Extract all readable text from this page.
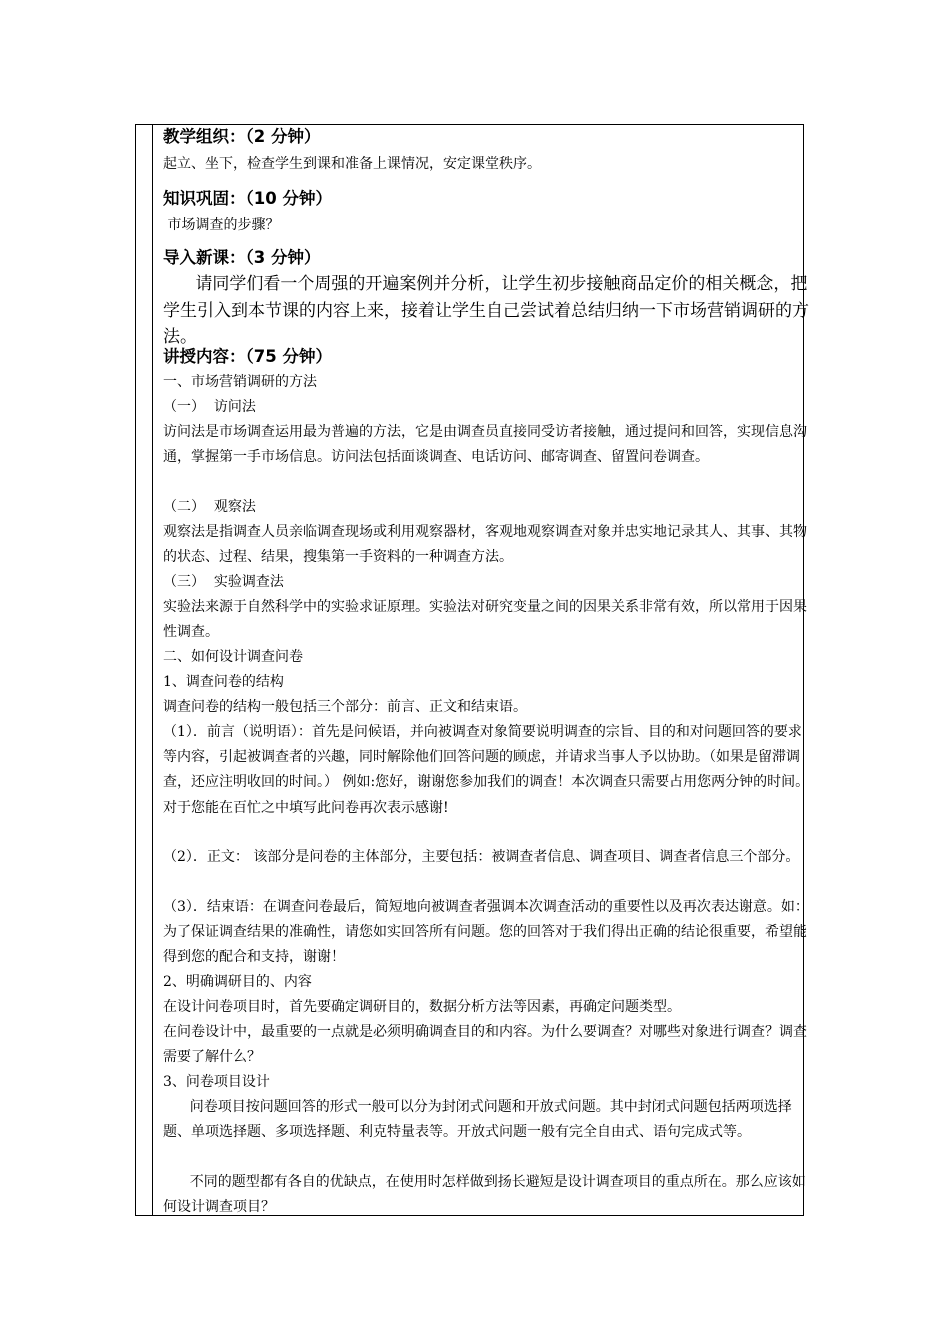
教学组织：（2 分钟）
起立、坐下，检查学生到课和准备上课情况，安定课堂秩序。
知识巩固：（10 分钟）
市场调查的步骤？
导入新课：（3 分钟）
请同学们看一个周强的开遍案例并分析，让学生初步接触商品定价的相关概念，把学生引入到本节课的内容上来，接着让学生自己尝试着总结归纳一下市场营销调研的方法。
讲授内容：（75 分钟）
一、市场营销调研的方法
（一）  访问法
访问法是市场调查运用最为普遍的方法，它是由调查员直接同受访者接触，通过提问和回答，实现信息沟通，掌握第一手市场信息。访问法包括面谈调查、电话访问、邮寄调查、留置问卷调查。
（二）  观察法
观察法是指调查人员亲临调查现场或利用观察器材，客观地观察调查对象并忠实地记录其人、其事、其物的状态、过程、结果，搜集第一手资料的一种调查方法。
（三）  实验调查法
实验法来源于自然科学中的实验求证原理。实验法对研究变量之间的因果关系非常有效，所以常用于因果性调查。
二、如何设计调查问卷
1、调查问卷的结构
调查问卷的结构一般包括三个部分：前言、正文和结束语。
（1）．前言（说明语）：首先是问候语，并向被调查对象简要说明调查的宗旨、目的和对问题回答的要求等内容，引起被调查者的兴趣，同时解除他们回答问题的顾虑，并请求当事人予以协助。（如果是留滞调查，还应注明收回的时间。） 例如:您好，谢谢您参加我们的调查！本次调查只需要占用您两分钟的时间。对于您能在百忙之中填写此问卷再次表示感谢!
（2）．正文： 该部分是问卷的主体部分，主要包括：被调查者信息、调查项目、调查者信息三个部分。
（3）．结束语：在调查问卷最后，简短地向被调查者强调本次调查活动的重要性以及再次表达谢意。如：为了保证调查结果的准确性，请您如实回答所有问题。您的回答对于我们得出正确的结论很重要，希望能得到您的配合和支持，谢谢！
2、明确调研目的、内容
在设计问卷项目时，首先要确定调研目的，数据分析方法等因素，再确定问题类型。
在问卷设计中，最重要的一点就是必须明确调查目的和内容。为什么要调查？对哪些对象进行调查？调查需要了解什么？
3、问卷项目设计
问卷项目按问题回答的形式一般可以分为封闭式问题和开放式问题。其中封闭式问题包括两项选择题、单项选择题、多项选择题、利克特量表等。开放式问题一般有完全自由式、语句完成式等。
不同的题型都有各自的优缺点，在使用时怎样做到扬长避短是设计调查项目的重点所在。那么应该如何设计调查项目？
